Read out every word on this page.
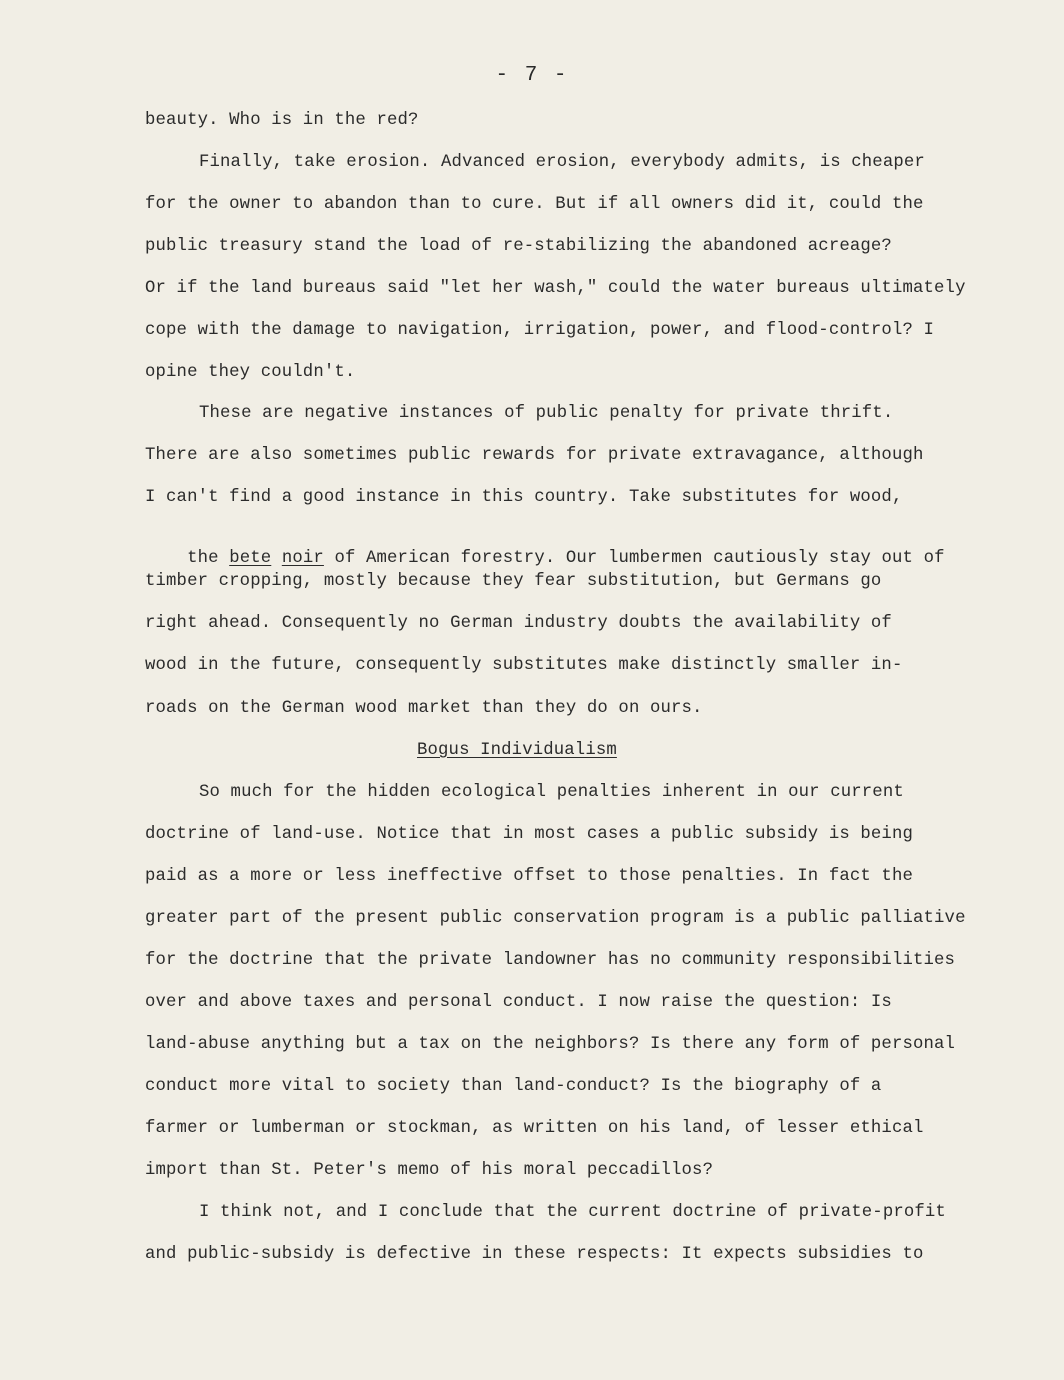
- 7 -
beauty. Who is in the red?
Finally, take erosion. Advanced erosion, everybody admits, is cheaper
for the owner to abandon than to cure. But if all owners did it, could the
public treasury stand the load of re-stabilizing the abandoned acreage?
Or if the land bureaus said "let her wash," could the water bureaus ultimately
cope with the damage to navigation, irrigation, power, and flood-control? I
opine they couldn't.
These are negative instances of public penalty for private thrift.
There are also sometimes public rewards for private extravagance, although
I can't find a good instance in this country. Take substitutes for wood,

the bete noir of American forestry. Our lumbermen cautiously stay out of

timber cropping, mostly because they fear substitution, but Germans go
right ahead. Consequently no German industry doubts the availability of
wood in the future, consequently substitutes make distinctly smaller in-
roads on the German wood market than they do on ours.
Bogus Individualism
So much for the hidden ecological penalties inherent in our current
doctrine of land-use. Notice that in most cases a public subsidy is being
paid as a more or less ineffective offset to those penalties. In fact the
greater part of the present public conservation program is a public palliative
for the doctrine that the private landowner has no community responsibilities
over and above taxes and personal conduct. I now raise the question: Is
land-abuse anything but a tax on the neighbors? Is there any form of personal
conduct more vital to society than land-conduct? Is the biography of a
farmer or lumberman or stockman, as written on his land, of lesser ethical
import than St. Peter's memo of his moral peccadillos?
I think not, and I conclude that the current doctrine of private-profit
and public-subsidy is defective in these respects: It expects subsidies to
